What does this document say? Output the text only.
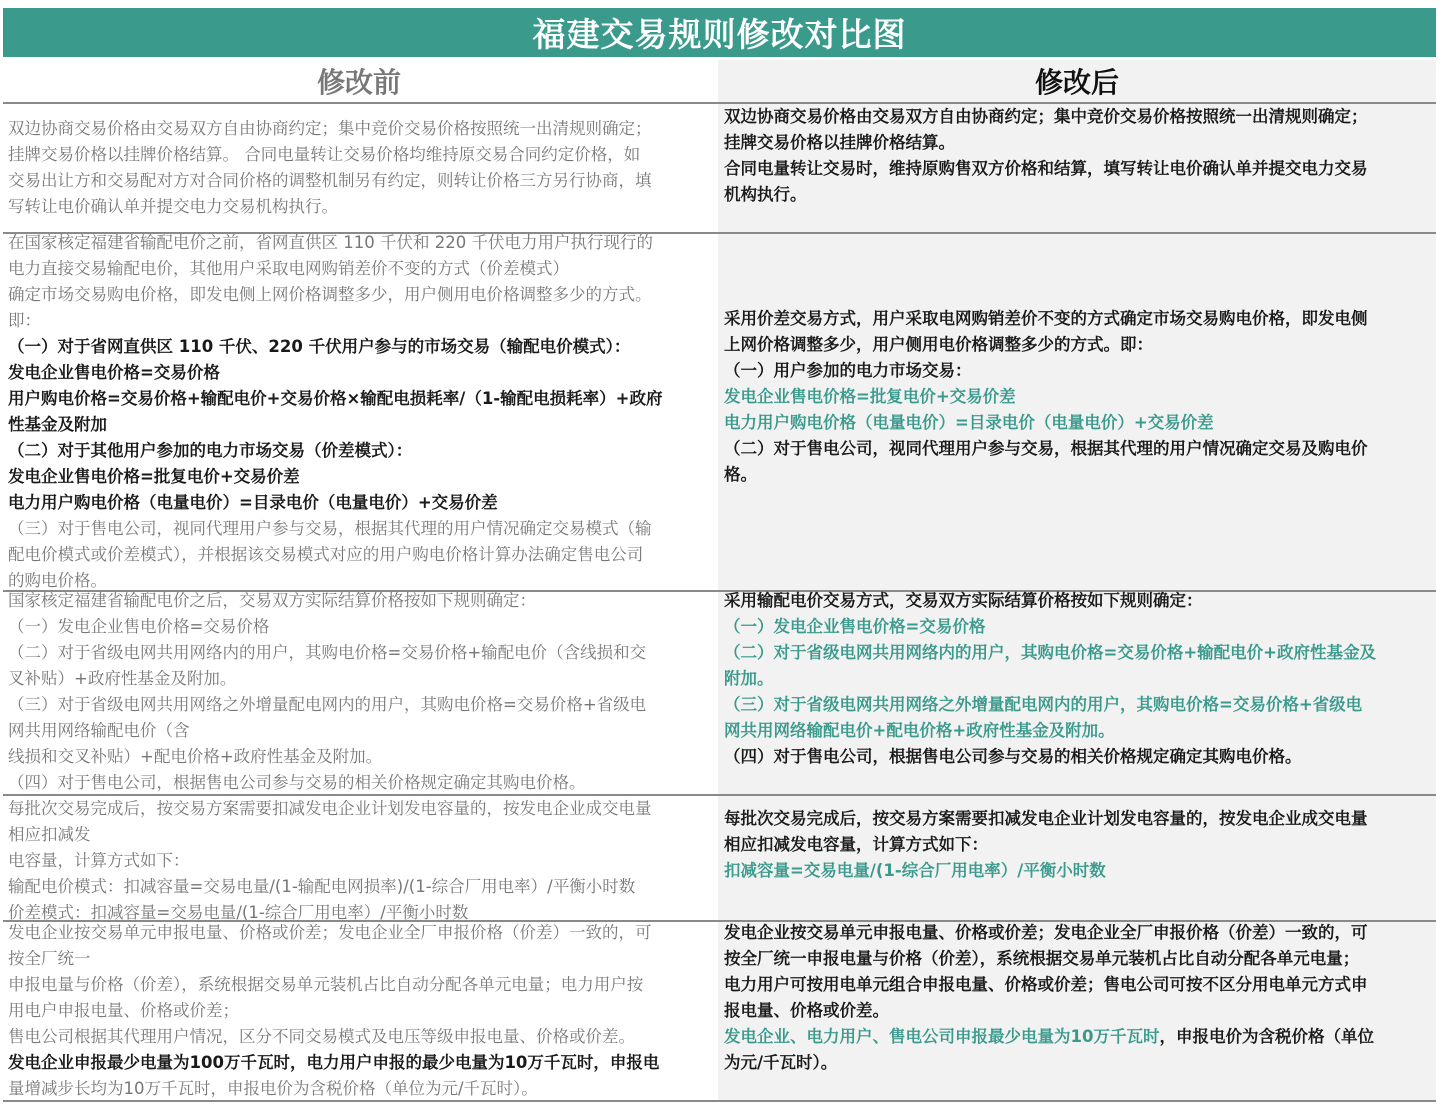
福建交易规则修改对比图
修改前	修改后

双边协商交易价格由交易双方自由协商约定；集中竞价交易价格按照统一出清规则确定；

挂牌交易价格以挂牌价格结算。 合同电量转让交易价格均维持原交易合同约定价格，如

交易出让方和交易配对方对合同价格的调整机制另有约定，则转让价格三方另行协商，填

写转让电价确认单并提交电力交易机构执行。

双边协商交易价格由交易双方自由协商约定；集中竞价交易价格按照统一出清规则确定；

挂牌交易价格以挂牌价格结算。

合同电量转让交易时，维持原购售双方价格和结算，填写转让电价确认单并提交电力交易

机构执行。

在国家核定福建省输配电价之前，省网直供区 110 千伏和 220 千伏电力用户执行现行的

电力直接交易输配电价，其他用户采取电网购销差价不变的方式（价差模式）

确定市场交易购电价格，即发电侧上网价格调整多少，用户侧用电价格调整多少的方式。

即：

（一）对于省网直供区 110 千伏、220 千伏用户参与的市场交易（输配电价模式）：

发电企业售电价格=交易价格

用户购电价格=交易价格+输配电价+交易价格×输配电损耗率/（1-输配电损耗率）+政府

性基金及附加

（二）对于其他用户参加的电力市场交易（价差模式）：

发电企业售电价格=批复电价+交易价差

电力用户购电价格（电量电价）=目录电价（电量电价）+交易价差

（三）对于售电公司，视同代理用户参与交易，根据其代理的用户情况确定交易模式（输

配电价模式或价差模式），并根据该交易模式对应的用户购电价格计算办法确定售电公司

的购电价格。

采用价差交易方式，用户采取电网购销差价不变的方式确定市场交易购电价格，即发电侧

上网价格调整多少，用户侧用电价格调整多少的方式。即：

（一）用户参加的电力市场交易：

发电企业售电价格=批复电价+交易价差

电力用户购电价格（电量电价）=目录电价（电量电价）+交易价差

（二）对于售电公司，视同代理用户参与交易，根据其代理的用户情况确定交易及购电价

格。

国家核定福建省输配电价之后，交易双方实际结算价格按如下规则确定：

（一）发电企业售电价格=交易价格

（二）对于省级电网共用网络内的用户，其购电价格=交易价格+输配电价（含线损和交

叉补贴）+政府性基金及附加。

（三）对于省级电网共用网络之外增量配电网内的用户，其购电价格=交易价格+省级电

网共用网络输配电价（含

线损和交叉补贴）+配电价格+政府性基金及附加。

（四）对于售电公司，根据售电公司参与交易的相关价格规定确定其购电价格。

采用输配电价交易方式，交易双方实际结算价格按如下规则确定：

（一）发电企业售电价格=交易价格

（二）对于省级电网共用网络内的用户，其购电价格=交易价格+输配电价+政府性基金及

附加。

（三）对于省级电网共用网络之外增量配电网内的用户，其购电价格=交易价格+省级电

网共用网络输配电价+配电价格+政府性基金及附加。

（四）对于售电公司，根据售电公司参与交易的相关价格规定确定其购电价格。

每批次交易完成后，按交易方案需要扣减发电企业计划发电容量的，按发电企业成交电量

相应扣减发

电容量，计算方式如下：

输配电价模式：扣减容量=交易电量/(1-输配电网损率)/(1-综合厂用电率）/平衡小时数

价差模式：扣减容量=交易电量/(1-综合厂用电率）/平衡小时数

每批次交易完成后，按交易方案需要扣减发电企业计划发电容量的，按发电企业成交电量

相应扣减发电容量，计算方式如下：

扣减容量=交易电量/(1-综合厂用电率）/平衡小时数

发电企业按交易单元申报电量、价格或价差；发电企业全厂申报价格（价差）一致的，可

按全厂统一

申报电量与价格（价差），系统根据交易单元装机占比自动分配各单元电量；电力用户按

用电户申报电量、价格或价差；

售电公司根据其代理用户情况，区分不同交易模式及电压等级申报电量、价格或价差。

发电企业申报最少电量为100万千瓦时，电力用户申报的最少电量为10万千瓦时，申报电

量增减步长均为10万千瓦时，申报电价为含税价格（单位为元/千瓦时）。

发电企业按交易单元申报电量、价格或价差；发电企业全厂申报价格（价差）一致的，可

按全厂统一申报电量与价格（价差），系统根据交易单元装机占比自动分配各单元电量；

电力用户可按用电单元组合申报电量、价格或价差；售电公司可按不区分用电单元方式申

报电量、价格或价差。

发电企业、电力用户、售电公司申报最少电量为10万千瓦时，申报电价为含税价格（单位

为元/千瓦时）。
